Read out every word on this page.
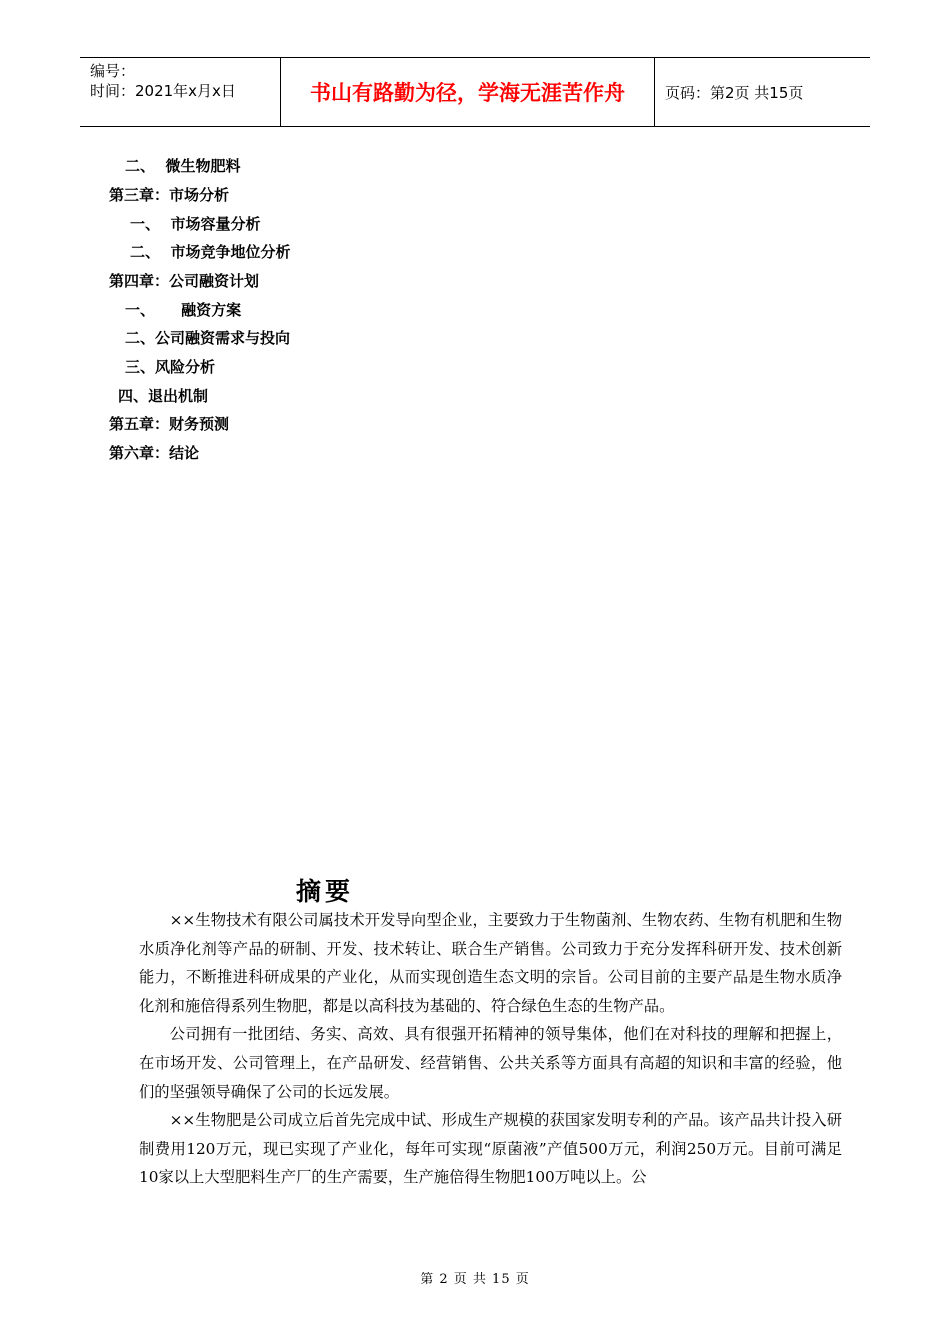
编号：
时间：2021年x月x日	书山有路勤为径，学海无涯苦作舟	页码：第2页 共15页
二、  微生物肥料
第三章：市场分析
一、  市场容量分析
二、  市场竞争地位分析
第四章：公司融资计划
一、     融资方案
二、公司融资需求与投向
三、风险分析
四、退出机制
第五章：财务预测
第六章：结论
摘要

××生物技术有限公司属技术开发导向型企业，主要致力于生物菌剂、生物农药、生物有机肥和生物水质净化剂等产品的研制、开发、技术转让、联合生产销售。公司致力于充分发挥科研开发、技术创新能力，不断推进科研成果的产业化，从而实现创造生态文明的宗旨。公司目前的主要产品是生物水质净化剂和施倍得系列生物肥，都是以高科技为基础的、符合绿色生态的生物产品。

公司拥有一批团结、务实、高效、具有很强开拓精神的领导集体，他们在对科技的理解和把握上，在市场开发、公司管理上，在产品研发、经营销售、公共关系等方面具有高超的知识和丰富的经验，他们的坚强领导确保了公司的长远发展。

××生物肥是公司成立后首先完成中试、形成生产规模的获国家发明专利的产品。该产品共计投入研制费用120万元，现已实现了产业化，每年可实现“原菌液”产值500万元，利润250万元。目前可满足10家以上大型肥料生产厂的生产需要，生产施倍得生物肥100万吨以上。公

第 2 页 共 15 页
